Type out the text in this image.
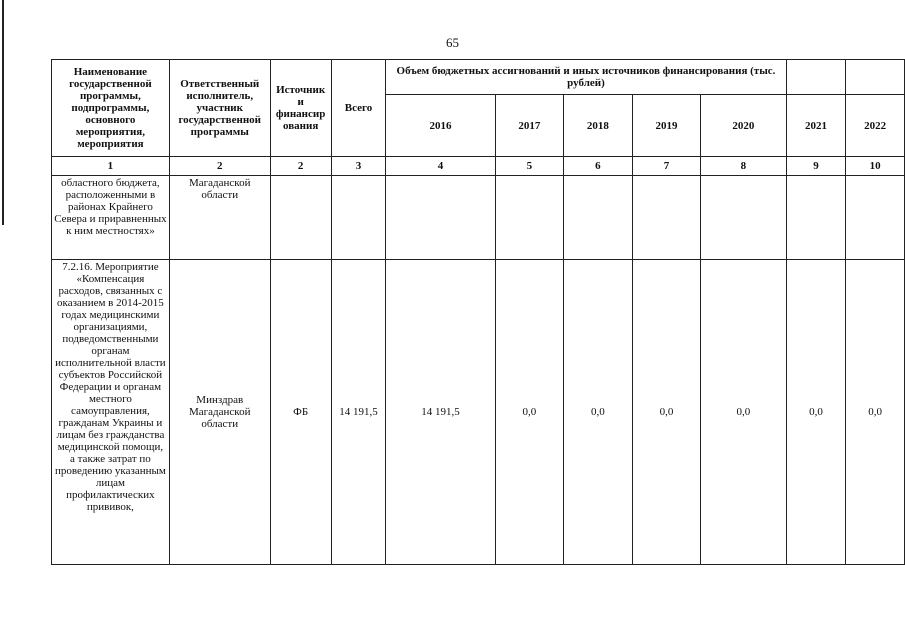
65
Наименование государственной программы, подпрограммы, основного мероприятия, мероприятия	Ответственный исполнитель, участник государственной программы	Источник и финансир ования	Всего	Объем бюджетных ассигнований и иных источников финансирования (тыс. рублей)						
				2016	2017	2018	2019	2020	2021	2022
1	2	2	3	4	5	6	7	8	9	10
областного бюджета, расположенными в районах Крайнего Севера и приравненных к ним местностях»	Магаданской области									
7.2.16. Мероприятие «Компенсация расходов, связанных с оказанием в 2014-2015 годах медицинскими организациями, подведомственными органам исполнительной власти субъектов Российской Федерации и органам местного самоуправления, гражданам Украины и лицам без гражданства медицинской помощи, а также затрат по проведению указанным лицам профилактических прививок,	Минздрав Магаданской области	ФБ	14 191,5	14 191,5	0,0	0,0	0,0	0,0	0,0	0,0
